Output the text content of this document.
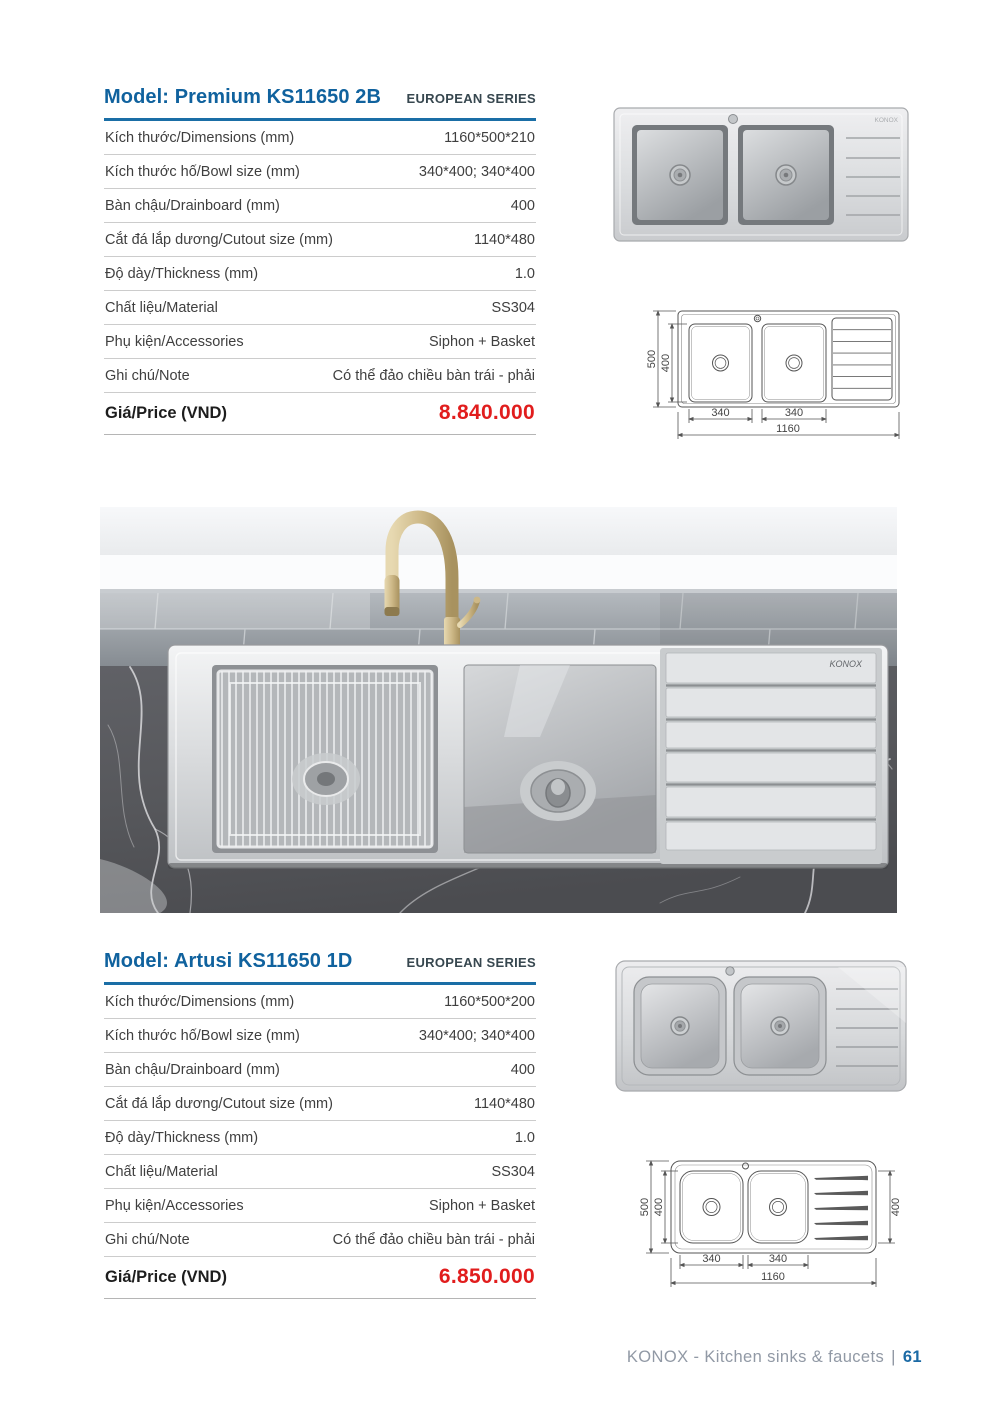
Model: Premium KS11650 2B EUROPEAN SERIES
Kích thước/Dimensions (mm)	1160*500*210
Kích thước hố/Bowl size (mm)	340*400; 340*400
Bàn chậu/Drainboard (mm)	400
Cắt đá lắp dương/Cutout size (mm)	1140*480
Độ dày/Thickness (mm)	1.0
Chất liệu/Material	SS304
Phụ kiện/Accessories	Siphon + Basket
Ghi chú/Note	Có thể đảo chiều bàn trái - phải
Giá/Price (VND)	8.840.000
KONOX
500 400
340	340
1160
KONOX
Model: Artusi KS11650 1D	EUROPEAN SERIES
Kích thước/Dimensions (mm)	1160*500*200
Kích thước hố/Bowl size (mm)	340*400; 340*400
Bàn chậu/Drainboard (mm)	400
Cắt đá lắp dương/Cutout size (mm)	1140*480
Độ dày/Thickness (mm)	1.0
Chất liệu/Material	SS304
Phụ kiện/Accessories	Siphon + Basket
Ghi chú/Note	Có thể đảo chiều bàn trái - phải
Giá/Price (VND)	6.850.000
500 400	400
340	340
1160
KONOX - Kitchen sinks & faucets | 61
